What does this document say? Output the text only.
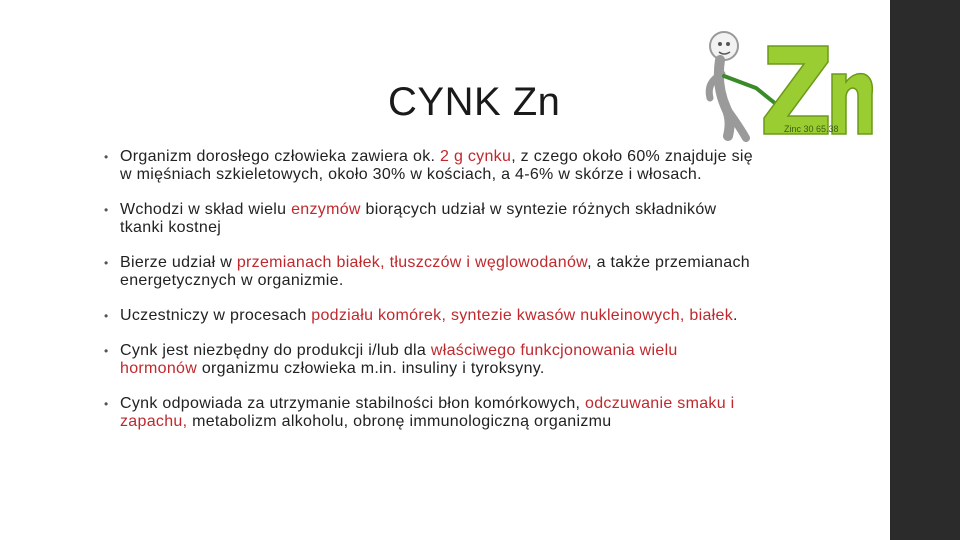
CYNK Zn
Zinc 30 65.38
• Organizm dorosłego człowieka zawiera ok. 2 g cynku, z czego około 60% znajduje się w mięśniach szkieletowych, około 30% w kościach, a 4-6% w skórze i włosach.
• Wchodzi w skład wielu enzymów biorących udział w syntezie różnych składników tkanki kostnej
• Bierze udział w przemianach białek, tłuszczów i węglowodanów, a także przemianach energetycznych w organizmie.
• Uczestniczy w procesach podziału komórek, syntezie kwasów nukleinowych, białek.
• Cynk jest niezbędny do produkcji i/lub dla właściwego funkcjonowania wielu hormonów organizmu człowieka m.in. insuliny i tyroksyny.
• Cynk odpowiada za utrzymanie stabilności błon komórkowych, odczuwanie smaku i zapachu, metabolizm alkoholu, obronę immunologiczną organizmu
